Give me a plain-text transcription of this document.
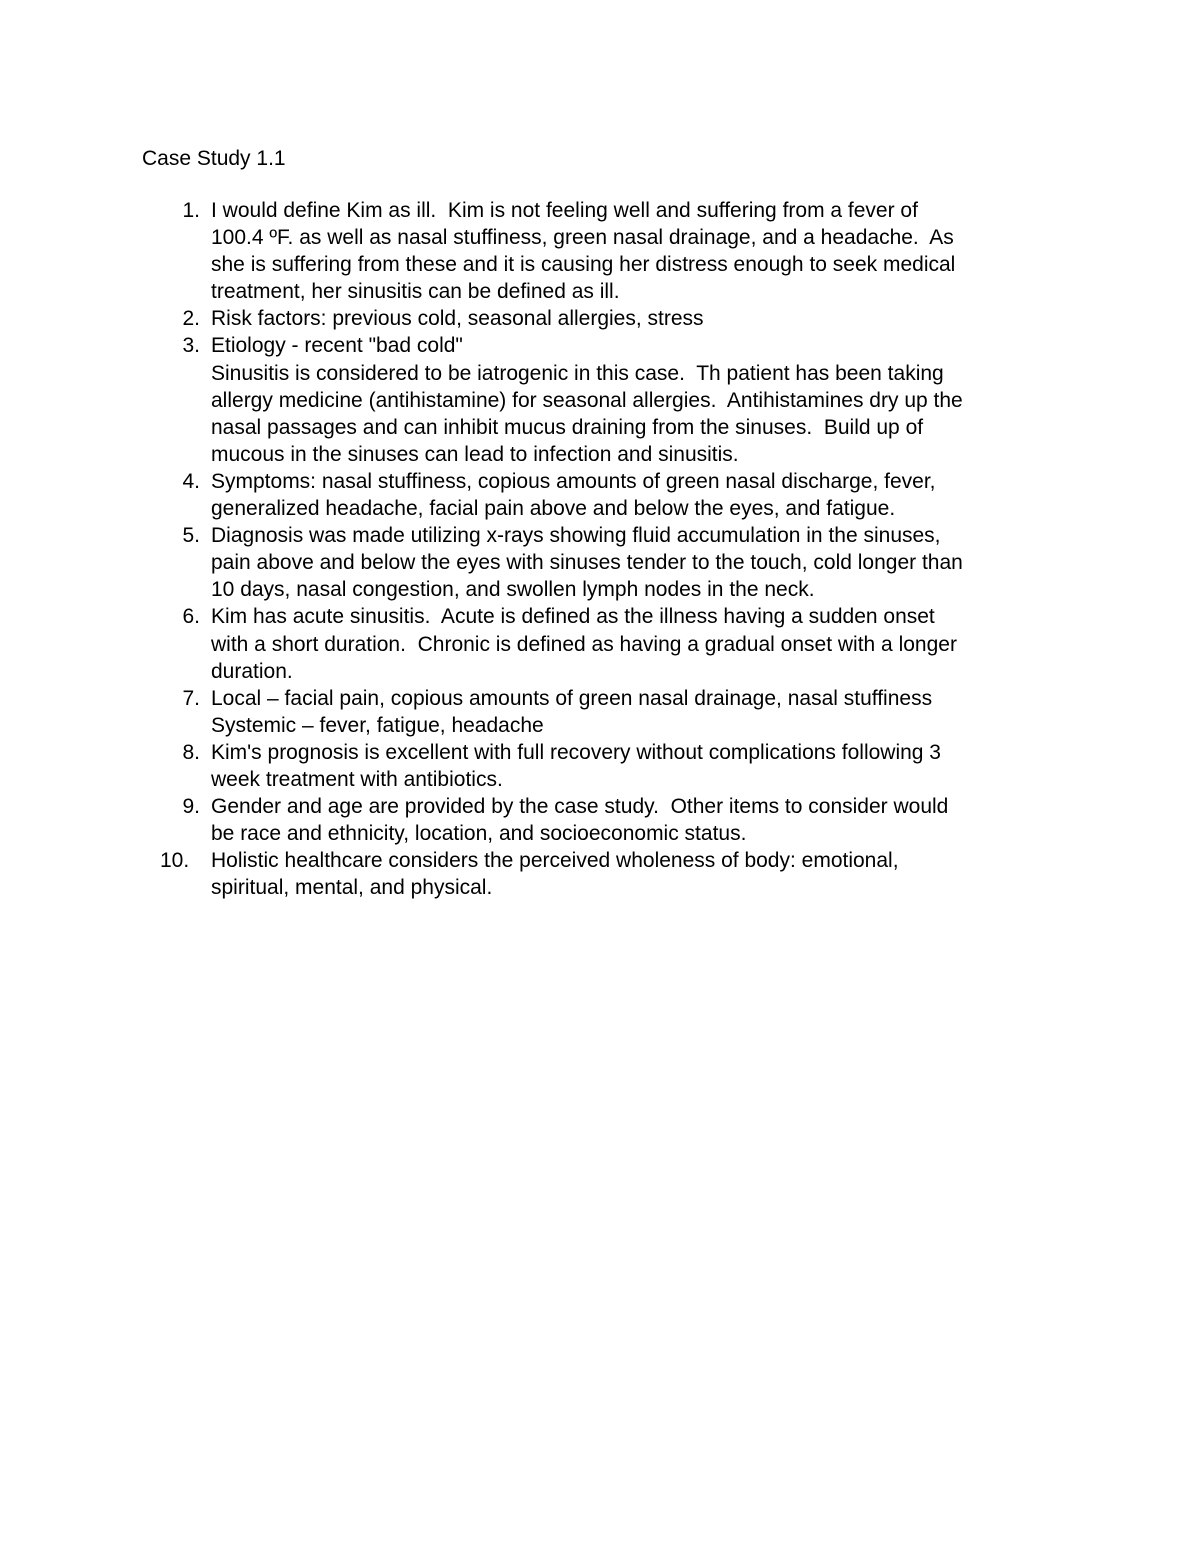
Case Study 1.1
1. I would define Kim as ill.  Kim is not feeling well and suffering from a fever of
100.4 ºF. as well as nasal stuffiness, green nasal drainage, and a headache.  As
she is suffering from these and it is causing her distress enough to seek medical
treatment, her sinusitis can be defined as ill.
2. Risk factors: previous cold, seasonal allergies, stress
3. Etiology - recent "bad cold"
Sinusitis is considered to be iatrogenic in this case.  Th patient has been taking
allergy medicine (antihistamine) for seasonal allergies.  Antihistamines dry up the
nasal passages and can inhibit mucus draining from the sinuses.  Build up of
mucous in the sinuses can lead to infection and sinusitis.
4. Symptoms: nasal stuffiness, copious amounts of green nasal discharge, fever,
generalized headache, facial pain above and below the eyes, and fatigue.
5. Diagnosis was made utilizing x-rays showing fluid accumulation in the sinuses,
pain above and below the eyes with sinuses tender to the touch, cold longer than
10 days, nasal congestion, and swollen lymph nodes in the neck.
6. Kim has acute sinusitis.  Acute is defined as the illness having a sudden onset
with a short duration.  Chronic is defined as having a gradual onset with a longer
duration.
7. Local – facial pain, copious amounts of green nasal drainage, nasal stuffiness
Systemic – fever, fatigue, headache
8. Kim's prognosis is excellent with full recovery without complications following 3
week treatment with antibiotics.
9. Gender and age are provided by the case study.  Other items to consider would
be race and ethnicity, location, and socioeconomic status.
10.	Holistic healthcare considers the perceived wholeness of body: emotional,
spiritual, mental, and physical.
